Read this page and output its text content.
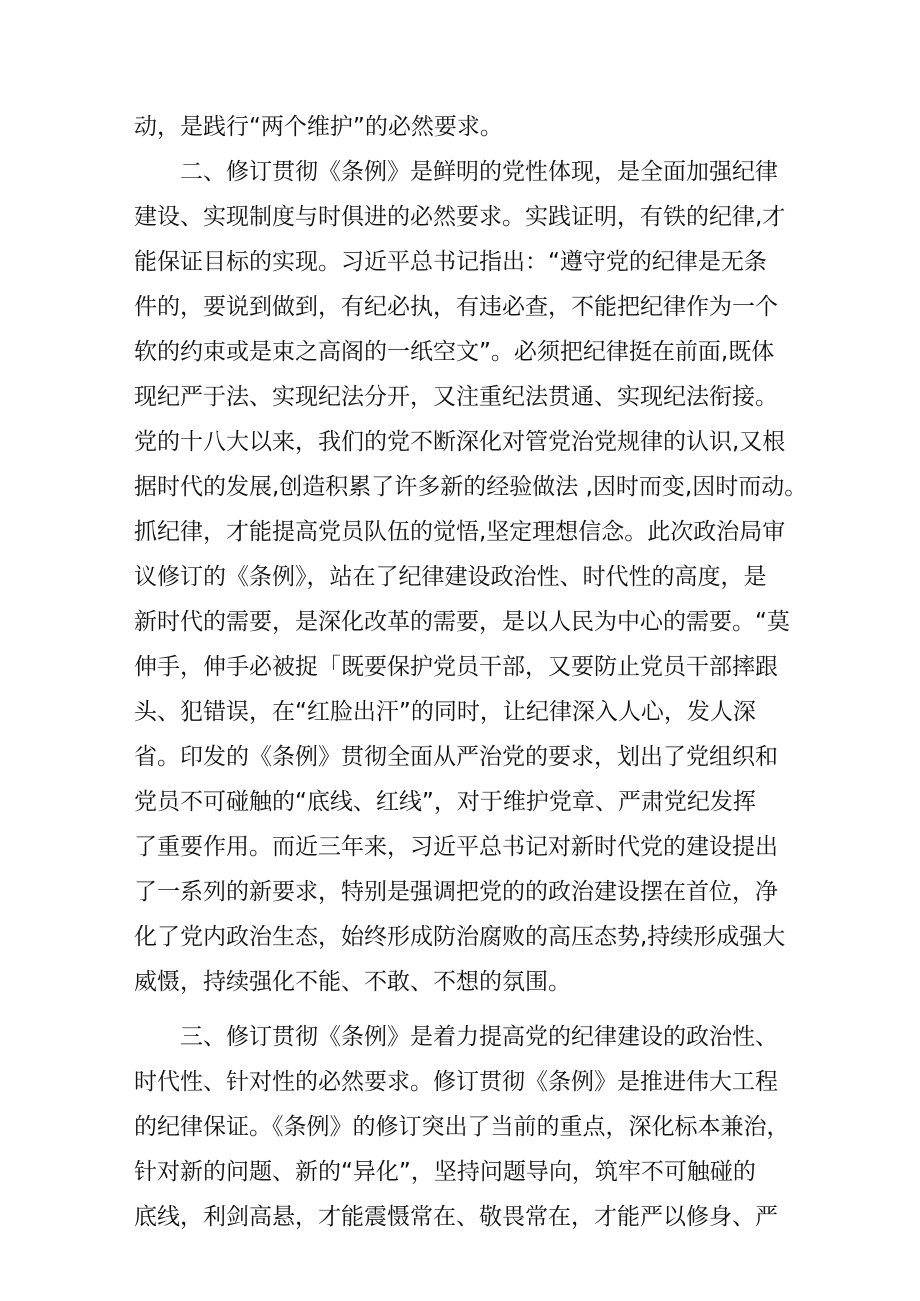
动，是践行“两个维护”的必然要求。
二、修订贯彻《条例》是鲜明的党性体现，是全面加强纪律
建设、实现制度与时俱进的必然要求。实践证明，有铁的纪律,才
能保证目标的实现。习近平总书记指出：“遵守党的纪律是无条
件的，要说到做到，有纪必执，有违必查，不能把纪律作为一个
软的约束或是束之高阁的一纸空文”。必须把纪律挺在前面,既体
现纪严于法、实现纪法分开，又注重纪法贯通、实现纪法衔接。
党的十八大以来，我们的党不断深化对管党治党规律的认识,又根
据时代的发展,创造积累了许多新的经验做法 ,因时而变,因时而动。
抓纪律，才能提高党员队伍的觉悟,坚定理想信念。此次政治局审
议修订的《条例》，站在了纪律建设政治性、时代性的高度，是
新时代的需要，是深化改革的需要，是以人民为中心的需要。“莫
伸手，伸手必被捉「既要保护党员干部，又要防止党员干部摔跟
头、犯错误，在“红脸出汗”的同时，让纪律深入人心，发人深
省。印发的《条例》贯彻全面从严治党的要求，划出了党组织和
党员不可碰触的“底线、红线”，对于维护党章、严肃党纪发挥
了重要作用。而近三年来，习近平总书记对新时代党的建设提出
了一系列的新要求，特别是强调把党的的政治建设摆在首位，净
化了党内政治生态，始终形成防治腐败的高压态势,持续形成强大
威慑，持续强化不能、不敢、不想的氛围。
三、修订贯彻《条例》是着力提高党的纪律建设的政治性、
时代性、针对性的必然要求。修订贯彻《条例》是推进伟大工程
的纪律保证。《条例》的修订突出了当前的重点，深化标本兼治，
针对新的问题、新的“异化”，坚持问题导向，筑牢不可触碰的
底线，利剑高悬，才能震慑常在、敬畏常在，才能严以修身、严
